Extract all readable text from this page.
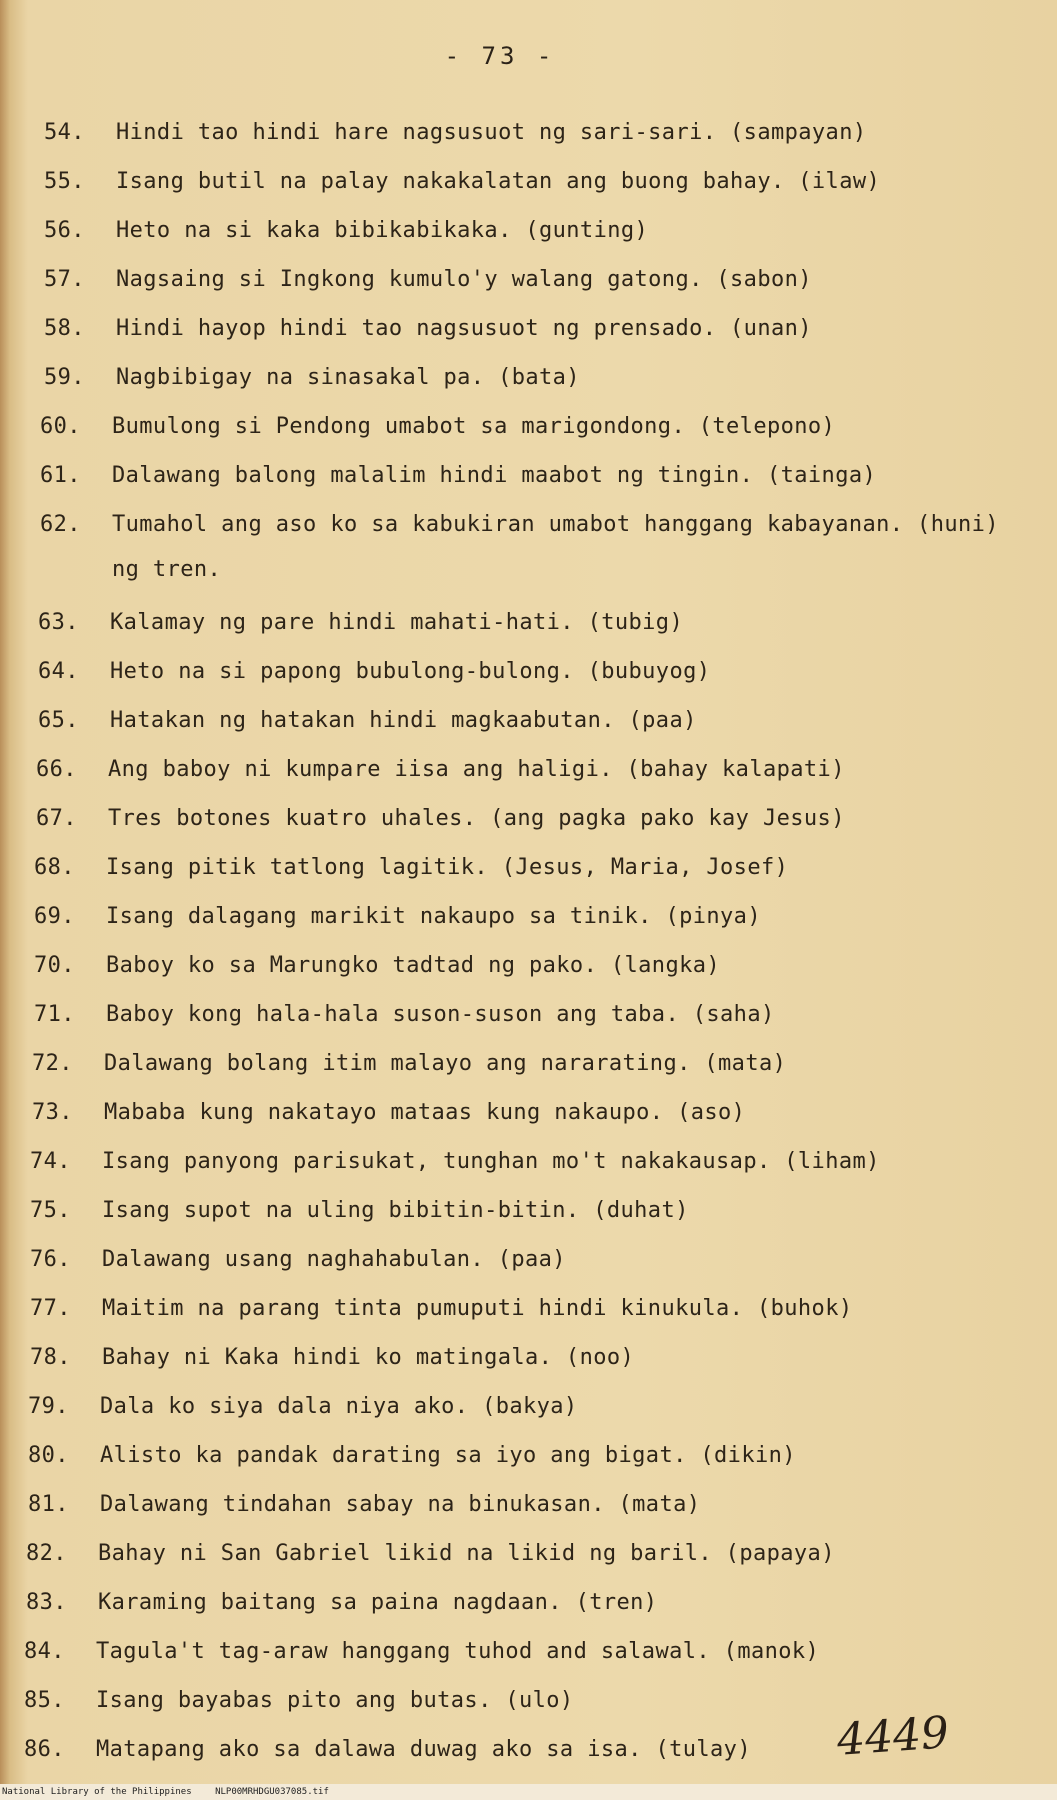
- 73 -
54.	Hindi tao hindi hare nagsusuot ng sari-sari. (sampayan)
55.	Isang butil na palay nakakalatan ang buong bahay. (ilaw)
56.	Heto na si kaka bibikabikaka. (gunting)
57.	Nagsaing si Ingkong kumulo'y walang gatong. (sabon)
58.	Hindi hayop hindi tao nagsusuot ng prensado. (unan)
59.	Nagbibigay na sinasakal pa. (bata)
60.	Bumulong si Pendong umabot sa marigondong. (telepono)
61.	Dalawang balong malalim hindi maabot ng tingin. (tainga)
62.	Tumahol ang aso ko sa kabukiran umabot hanggang kabayanan. (huni)
ng tren.
63.	Kalamay ng pare hindi mahati-hati. (tubig)
64.	Heto na si papong bubulong-bulong. (bubuyog)
65.	Hatakan ng hatakan hindi magkaabutan. (paa)
66.	Ang baboy ni kumpare iisa ang haligi. (bahay kalapati)
67.	Tres botones kuatro uhales. (ang pagka pako kay Jesus)
68.	Isang pitik tatlong lagitik. (Jesus, Maria, Josef)
69.	Isang dalagang marikit nakaupo sa tinik. (pinya)
70.	Baboy ko sa Marungko tadtad ng pako. (langka)
71.	Baboy kong hala-hala suson-suson ang taba. (saha)
72.	Dalawang bolang itim malayo ang nararating. (mata)
73.	Mababa kung nakatayo mataas kung nakaupo. (aso)
74.	Isang panyong parisukat, tunghan mo't nakakausap. (liham)
75.	Isang supot na uling bibitin-bitin. (duhat)
76.	Dalawang usang naghahabulan. (paa)
77.	Maitim na parang tinta pumuputi hindi kinukula. (buhok)
78.	Bahay ni Kaka hindi ko matingala. (noo)
79.	Dala ko siya dala niya ako. (bakya)
80.	Alisto ka pandak darating sa iyo ang bigat. (dikin)
81.	Dalawang tindahan sabay na binukasan. (mata)
82.	Bahay ni San Gabriel likid na likid ng baril. (papaya)
83.	Karaming baitang sa paina nagdaan. (tren)
84.	Tagula't tag-araw hanggang tuhod and salawal. (manok)
85.	Isang bayabas pito ang butas. (ulo)
86.	Matapang ako sa dalawa duwag ako sa isa. (tulay) 4449
National Library of the Philippines	NLP00MRHDGU037085.tif
